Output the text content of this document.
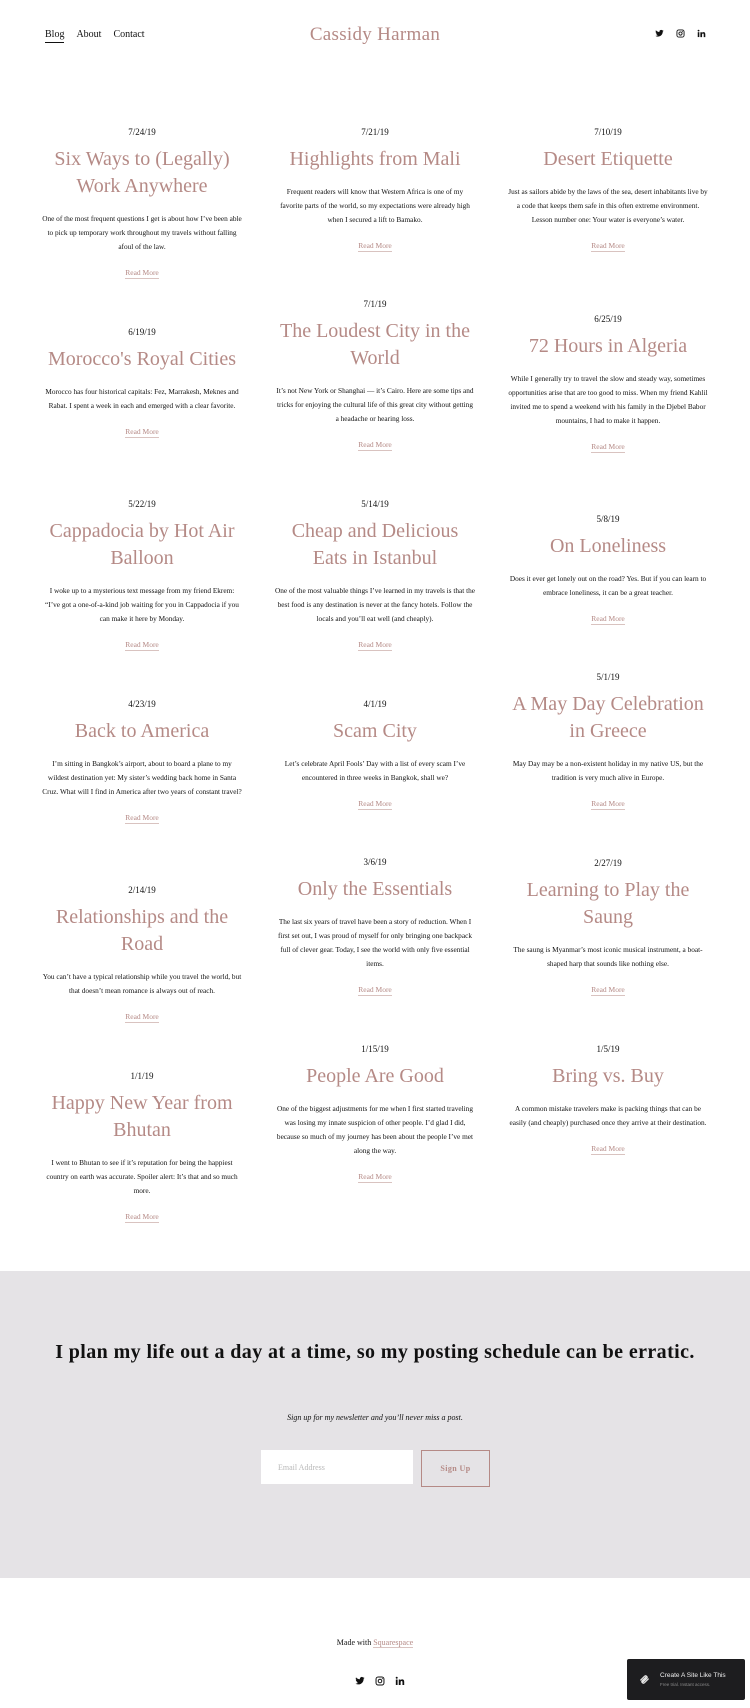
Blog About Contact	Cassidy Harman
7/24/19
Six Ways to (Legally) Work Anywhere

One of the most frequent questions I get is about how I’ve been able to pick up temporary work throughout my travels without falling afoul of the law.

Read More
7/21/19
Highlights from Mali

Frequent readers will know that Western Africa is one of my favorite parts of the world, so my expectations were already high when I secured a lift to Bamako.

Read More
7/10/19
Desert Etiquette

Just as sailors abide by the laws of the sea, desert inhabitants live by a code that keeps them safe in this often extreme environment. Lesson number one: Your water is everyone’s water.

Read More
6/19/19
Morocco's Royal Cities

Morocco has four historical capitals: Fez, Marrakesh, Meknes and Rabat. I spent a week in each and emerged with a clear favorite.

Read More
7/1/19
The Loudest City in the World

It’s not New York or Shanghai — it’s Cairo. Here are some tips and tricks for enjoying the cultural life of this great city without getting a headache or hearing loss.

Read More
6/25/19
72 Hours in Algeria

While I generally try to travel the slow and steady way, sometimes opportunities arise that are too good to miss. When my friend Kahlil invited me to spend a weekend with his family in the Djebel Babor mountains, I had to make it happen.

Read More
5/22/19
Cappadocia by Hot Air Balloon

I woke up to a mysterious text message from my friend Ekrem: “I’ve got a one-of-a-kind job waiting for you in Cappadocia if you can make it here by Monday.

Read More
5/14/19
Cheap and Delicious Eats in Istanbul

One of the most valuable things I’ve learned in my travels is that the best food is any destination is never at the fancy hotels. Follow the locals and you’ll eat well (and cheaply).

Read More
5/8/19
On Loneliness

Does it ever get lonely out on the road? Yes. But if you can learn to embrace loneliness, it can be a great teacher.

Read More
4/23/19
Back to America

I’m sitting in Bangkok’s airport, about to board a plane to my wildest destination yet: My sister’s wedding back home in Santa Cruz. What will I find in America after two years of constant travel?

Read More
4/1/19
Scam City

Let’s celebrate April Fools’ Day with a list of every scam I’ve encountered in three weeks in Bangkok, shall we?

Read More
5/1/19
A May Day Celebration in Greece

May Day may be a non-existent holiday in my native US, but the tradition is very much alive in Europe.

Read More
2/14/19
Relationships and the Road

You can’t have a typical relationship while you travel the world, but that doesn’t mean romance is always out of reach.

Read More
3/6/19
Only the Essentials

The last six years of travel have been a story of reduction. When I first set out, I was proud of myself for only bringing one backpack full of clever gear. Today, I see the world with only five essential items.

Read More
2/27/19
Learning to Play the Saung

The saung is Myanmar’s most iconic musical instrument, a boat-shaped harp that sounds like nothing else.

Read More
1/1/19
Happy New Year from Bhutan

I went to Bhutan to see if it’s reputation for being the happiest country on earth was accurate. Spoiler alert: It’s that and so much more.

Read More
1/15/19
People Are Good

One of the biggest adjustments for me when I first started traveling was losing my innate suspicion of other people. I’d glad I did, because so much of my journey has been about the people I’ve met along the way.

Read More
1/5/19
Bring vs. Buy

A common mistake travelers make is packing things that can be easily (and cheaply) purchased once they arrive at their destination.

Read More
I plan my life out a day at a time, so my posting schedule can be erratic.

Sign up for my newsletter and you’ll never miss a post.

Email Address
Sign Up
Made with Squarespace
Create A Site Like This
Free trial. Instant access.
